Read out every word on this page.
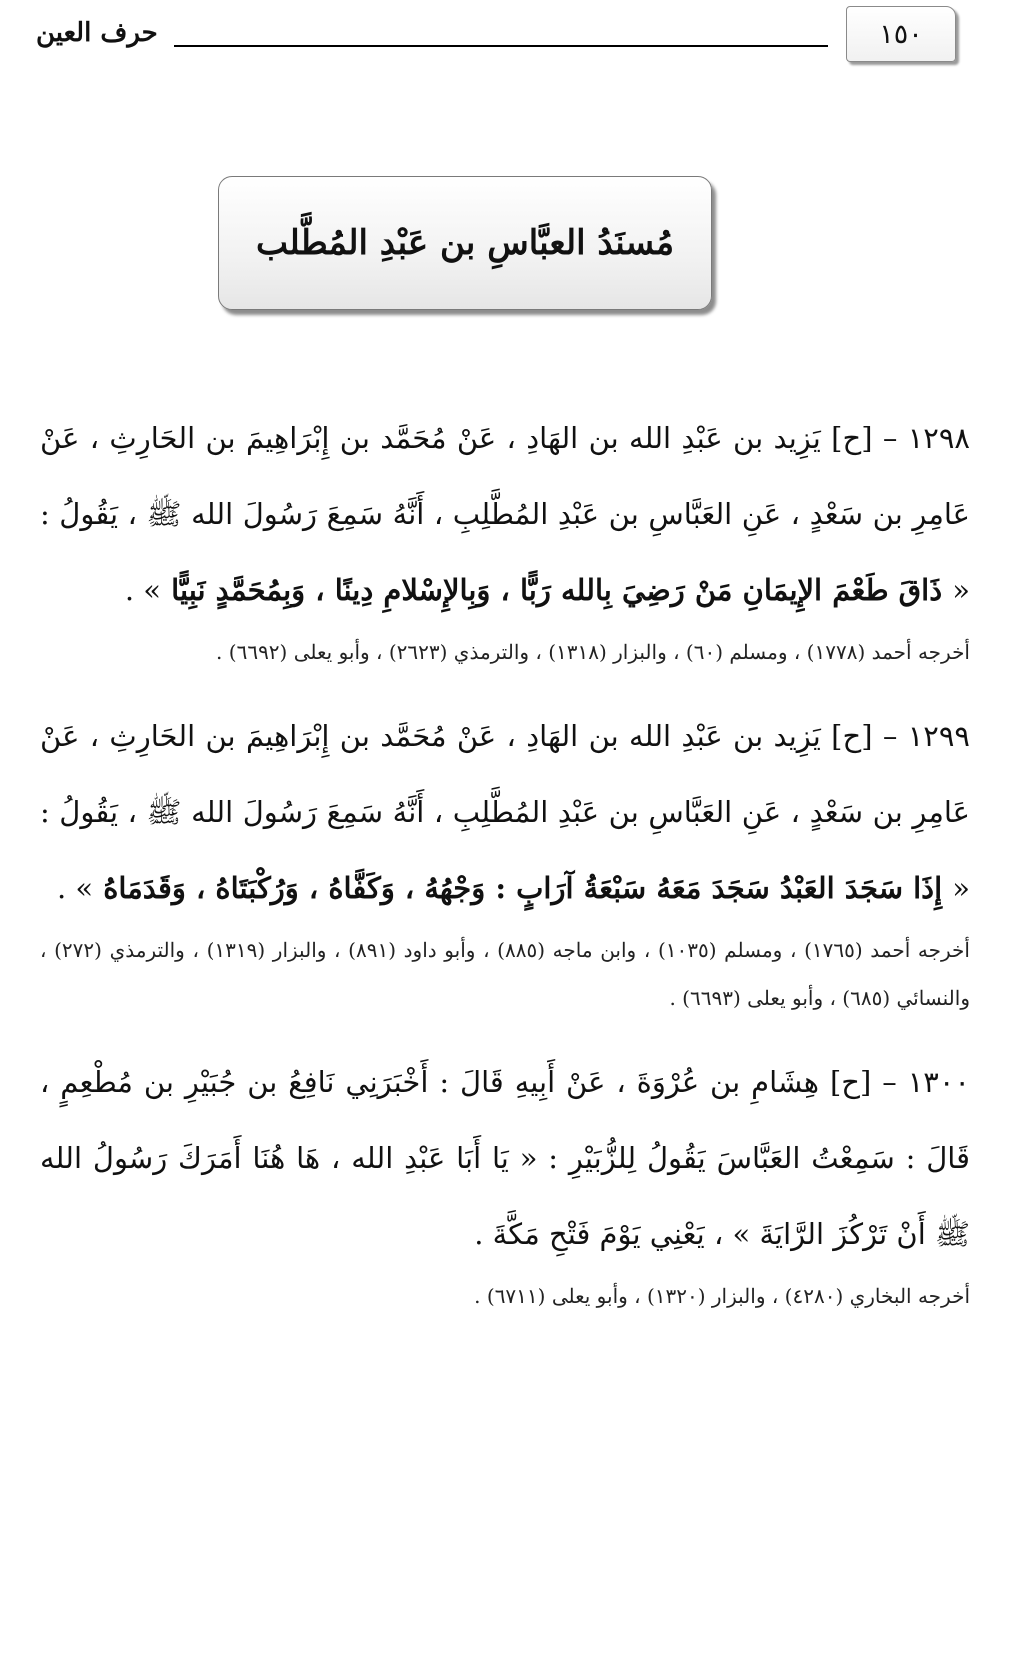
١٥٠
حرف العين
مُسنَدُ العبَّاسِ بن عَبْدِ المُطَّلب

١٢٩٨ – [ح] يَزِيد بن عَبْدِ الله بن الهَادِ ، عَنْ مُحَمَّد بن إِبْرَاهِيمَ بن الحَارِثِ ، عَنْ عَامِرِ بن سَعْدٍ ، عَنِ العَبَّاسِ بن عَبْدِ المُطَّلِبِ ، أَنَّهُ سَمِعَ رَسُولَ الله ﷺ ، يَقُولُ : « ذَاقَ طَعْمَ الإِيمَانِ مَنْ رَضِيَ بِالله رَبًّا ، وَبِالإِسْلامِ دِينًا ، وَبِمُحَمَّدٍ نَبِيًّا » .

أخرجه أحمد (١٧٧٨) ، ومسلم (٦٠) ، والبزار (١٣١٨) ، والترمذي (٢٦٢٣) ، وأبو يعلى (٦٦٩٢) .

١٢٩٩ – [ح] يَزِيد بن عَبْدِ الله بن الهَادِ ، عَنْ مُحَمَّد بن إِبْرَاهِيمَ بن الحَارِثِ ، عَنْ عَامِرِ بن سَعْدٍ ، عَنِ العَبَّاسِ بن عَبْدِ المُطَّلِبِ ، أَنَّهُ سَمِعَ رَسُولَ الله ﷺ ، يَقُولُ : « إِذَا سَجَدَ العَبْدُ سَجَدَ مَعَهُ سَبْعَةُ آرَابٍ : وَجْهُهُ ، وَكَفَّاهُ ، وَرُكْبَتَاهُ ، وَقَدَمَاهُ » .

أخرجه أحمد (١٧٦٥) ، ومسلم (١٠٣٥) ، وابن ماجه (٨٨٥) ، وأبو داود (٨٩١) ، والبزار (١٣١٩) ، والترمذي (٢٧٢) ، والنسائي (٦٨٥) ، وأبو يعلى (٦٦٩٣) .

١٣٠٠ – [ح] هِشَامِ بن عُرْوَةَ ، عَنْ أَبِيهِ قَالَ : أَخْبَرَنِي نَافِعُ بن جُبَيْرِ بن مُطْعِمٍ ، قَالَ : سَمِعْتُ العَبَّاسَ يَقُولُ لِلزُّبَيْرِ : « يَا أَبَا عَبْدِ الله ، هَا هُنَا أَمَرَكَ رَسُولُ الله ﷺ أَنْ تَرْكُزَ الرَّايَةَ » ، يَعْنِي يَوْمَ فَتْحِ مَكَّةَ .

أخرجه البخاري (٤٢٨٠) ، والبزار (١٣٢٠) ، وأبو يعلى (٦٧١١) .
